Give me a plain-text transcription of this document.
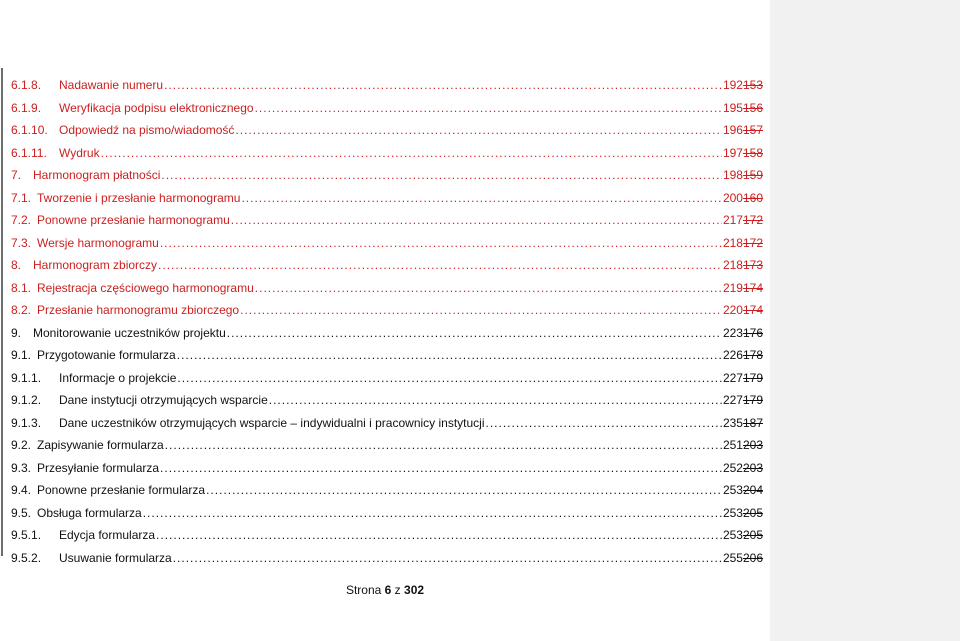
6.1.8.	Nadawanie numeru .....	192 153
6.1.9.	Weryfikacja podpisu elektronicznego .....	195 156
6.1.10. Odpowiedź na pismo/wiadomość .....	196 157
6.1.11.	Wydruk .....	197 158
7. Harmonogram płatności .....	198 159
7.1. Tworzenie i przesłanie harmonogramu .....	200 160
7.2. Ponowne przesłanie harmonogramu .....	217 172
7.3. Wersje harmonogramu .....	218 172
8. Harmonogram zbiorczy .....	218 173
8.1. Rejestracja częściowego harmonogramu .....	219 174
8.2. Przesłanie harmonogramu zbiorczego .....	220 174
9. Monitorowanie uczestników projektu .....	223 176
9.1. Przygotowanie formularza .....	226 178
9.1.1.	Informacje o projekcie .....	227 179
9.1.2.	Dane instytucji otrzymujących wsparcie .....	227 179
9.1.3.	Dane uczestników otrzymujących wsparcie – indywidualni i pracownicy instytucji .....	235 187
9.2. Zapisywanie formularza .....	251 203
9.3. Przesyłanie formularza .....	252 203
9.4. Ponowne przesłanie formularza .....	253 204
9.5. Obsługa formularza .....	253 205
9.5.1.	Edycja formularza .....	253 205
9.5.2.	Usuwanie formularza .....	255 206
Strona 6 z 302
